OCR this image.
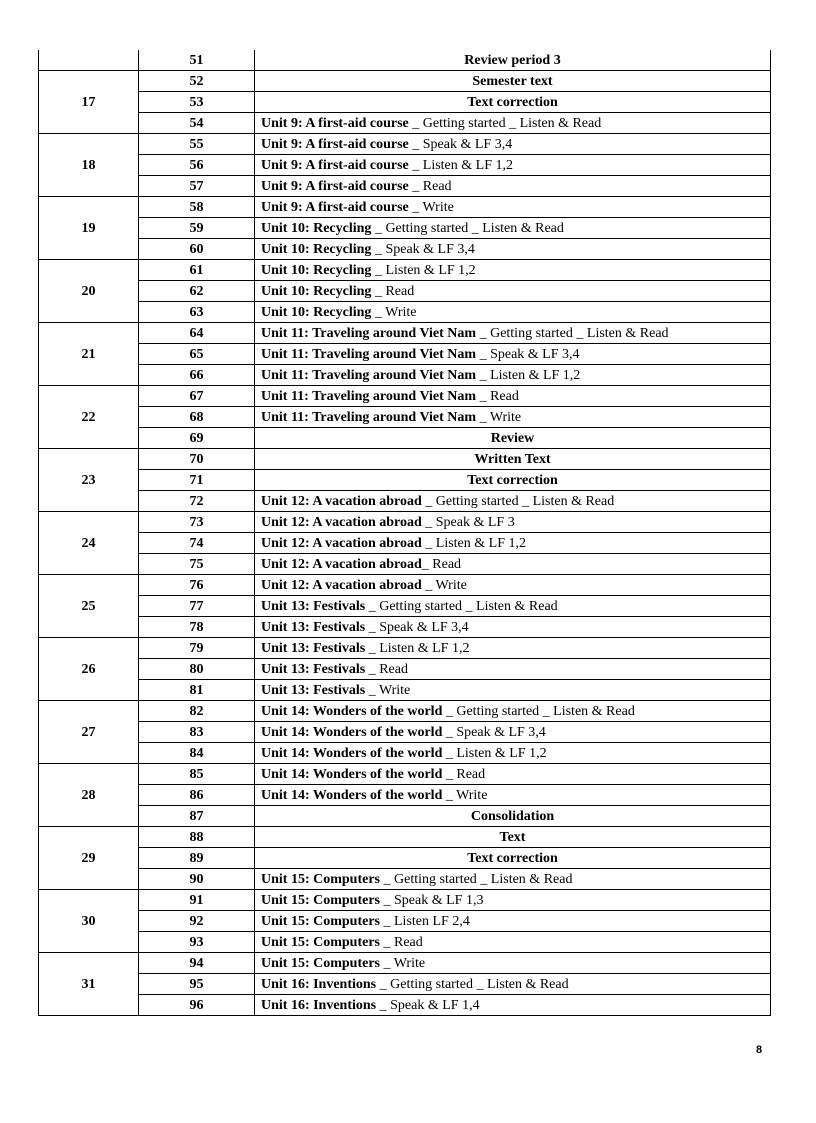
	51	Review period 3
17	52	Semester text
	53	Text correction
	54	Unit 9: A first-aid course _ Getting started _ Listen & Read
18	55	Unit 9: A first-aid course _ Speak & LF 3,4
	56	Unit 9: A first-aid course _ Listen & LF 1,2
	57	Unit 9: A first-aid course _ Read
19	58	Unit 9: A first-aid course _ Write
	59	Unit 10: Recycling _ Getting started _ Listen & Read
	60	Unit 10: Recycling _ Speak & LF 3,4
20	61	Unit 10: Recycling _ Listen & LF 1,2
	62	Unit 10: Recycling _ Read
	63	Unit 10: Recycling _ Write
21	64	Unit 11: Traveling around Viet Nam _ Getting started _ Listen & Read
	65	Unit 11: Traveling around Viet Nam _ Speak & LF 3,4
	66	Unit 11: Traveling around Viet Nam _ Listen & LF 1,2
22	67	Unit 11: Traveling around Viet Nam _ Read
	68	Unit 11: Traveling around Viet Nam _ Write
	69	Review
23	70	Written Text
	71	Text correction
	72	Unit 12: A vacation abroad _ Getting started _ Listen & Read
24	73	Unit 12: A vacation abroad _ Speak & LF 3
	74	Unit 12: A vacation abroad _ Listen & LF 1,2
	75	Unit 12: A vacation abroad_ Read
25	76	Unit 12: A vacation abroad _ Write
	77	Unit 13: Festivals _ Getting started _ Listen & Read
	78	Unit 13: Festivals _ Speak & LF 3,4
26	79	Unit 13: Festivals _ Listen & LF 1,2
	80	Unit 13: Festivals _ Read
	81	Unit 13: Festivals _ Write
27	82	Unit 14: Wonders of the world _ Getting started _ Listen & Read
	83	Unit 14: Wonders of the world _ Speak & LF 3,4
	84	Unit 14: Wonders of the world _ Listen & LF 1,2
28	85	Unit 14: Wonders of the world _ Read
	86	Unit 14: Wonders of the world _ Write
	87	Consolidation
29	88	Text
	89	Text correction
	90	Unit 15: Computers _ Getting started _ Listen & Read
30	91	Unit 15: Computers _ Speak & LF 1,3
	92	Unit 15: Computers _ Listen LF 2,4
	93	Unit 15: Computers _ Read
31	94	Unit 15: Computers _ Write
	95	Unit 16: Inventions _ Getting started _ Listen & Read
	96	Unit 16: Inventions _ Speak & LF 1,4
8
